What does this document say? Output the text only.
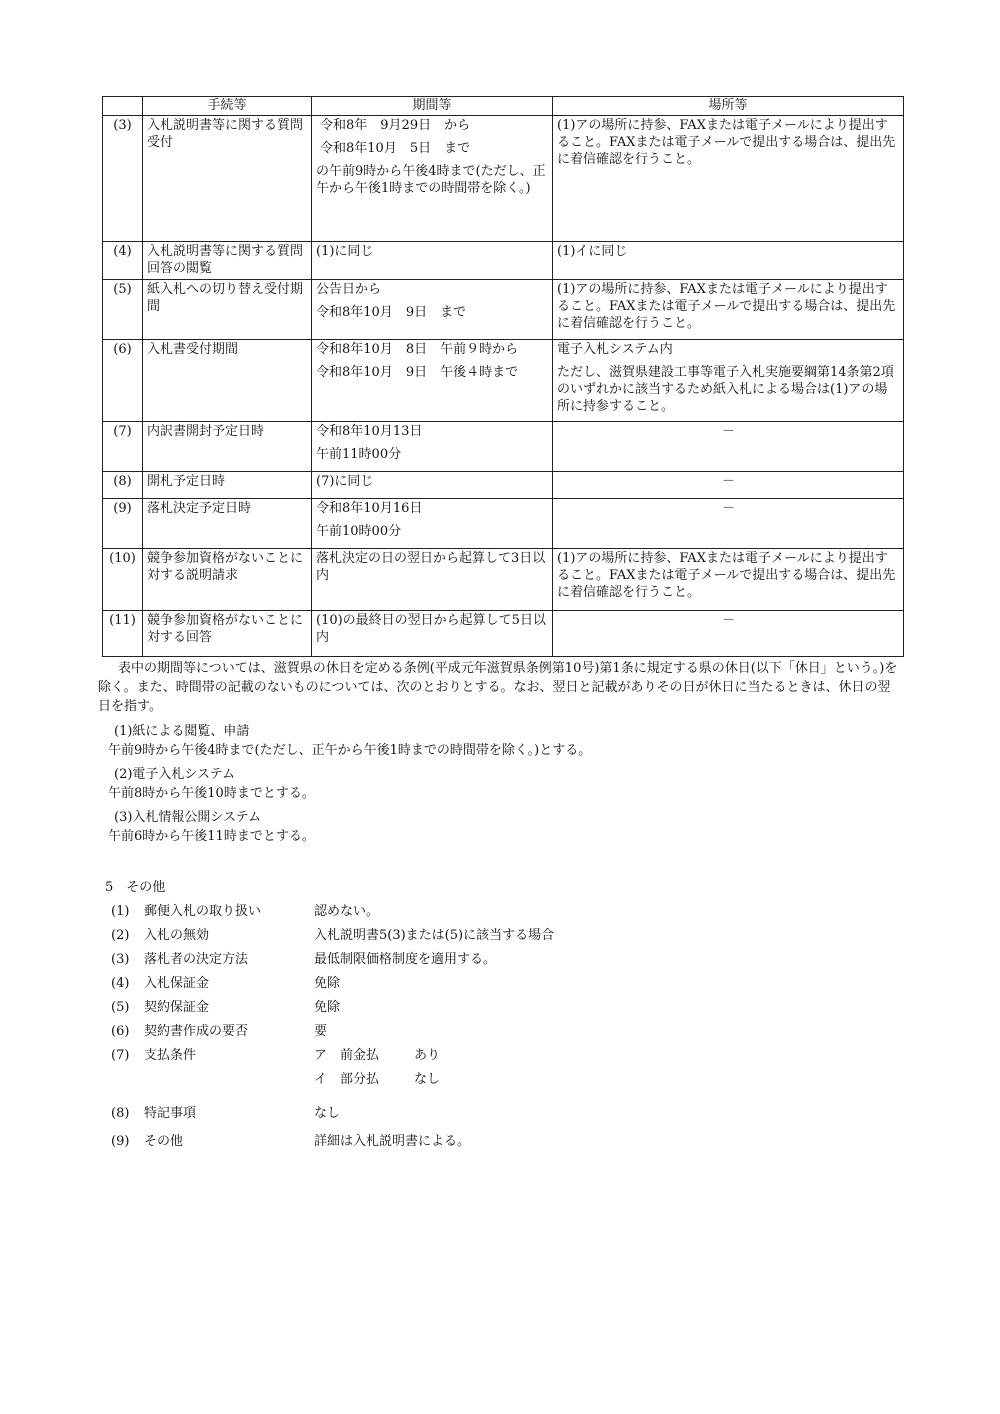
	手続等	期間等	場所等
(3)	入札説明書等に関する質問受付	令和8年　9月29日　から
令和8年10月　5日　まで
の午前9時から午後4時まで(ただし、正午から午後1時までの時間帯を除く。)	(1)アの場所に持参、FAXまたは電子メールにより提出すること。FAXまたは電子メールで提出する場合は、提出先に着信確認を行うこと。

(4)	入札説明書等に関する質問回答の閲覧	(1)に同じ	(1)イに同じ

(5)	紙入札への切り替え受付期間	公告日から
令和8年10月　9日　まで	(1)アの場所に持参、FAXまたは電子メールにより提出すること。FAXまたは電子メールで提出する場合は、提出先に着信確認を行うこと。

(6)	入札書受付期間	令和8年10月　8日　午前９時から
令和8年10月　9日　午後４時まで	電子入札システム内
ただし、滋賀県建設工事等電子入札実施要綱第14条第2項のいずれかに該当するため紙入札による場合は(1)アの場所に持参すること。

(7)	内訳書開封予定日時	令和8年10月13日
午前11時00分	－

(8)	開札予定日時	(7)に同じ	－

(9)	落札決定予定日時	令和8年10月16日
午前10時00分	－

(10)	競争参加資格がないことに対する説明請求	落札決定の日の翌日から起算して3日以内	(1)アの場所に持参、FAXまたは電子メールにより提出すること。FAXまたは電子メールで提出する場合は、提出先に着信確認を行うこと。

(11)	競争参加資格がないことに対する回答	(10)の最終日の翌日から起算して5日以内	－

表中の期間等については、滋賀県の休日を定める条例(平成元年滋賀県条例第10号)第1条に規定する県の休日(以下「休日」という。)を除く。また、時間帯の記載のないものについては、次のとおりとする。なお、翌日と記載がありその日が休日に当たるときは、休日の翌日を指す。

(1)紙による閲覧、申請

午前9時から午後4時まで(ただし、正午から午後1時までの時間帯を除く。)とする。

(2)電子入札システム

午前8時から午後10時までとする。

(3)入札情報公開システム

午前6時から午後11時までとする。

5　その他
(1) 郵便入札の取り扱い	認めない。
(2) 入札の無効	入札説明書5(3)または(5)に該当する場合
(3) 落札者の決定方法	最低制限価格制度を適用する。
(4) 入札保証金	免除
(5) 契約保証金	免除
(6) 契約書作成の要否	要
(7) 支払条件	ア　前金払	あり
イ　部分払	なし
(8) 特記事項	なし
(9) その他	詳細は入札説明書による。
